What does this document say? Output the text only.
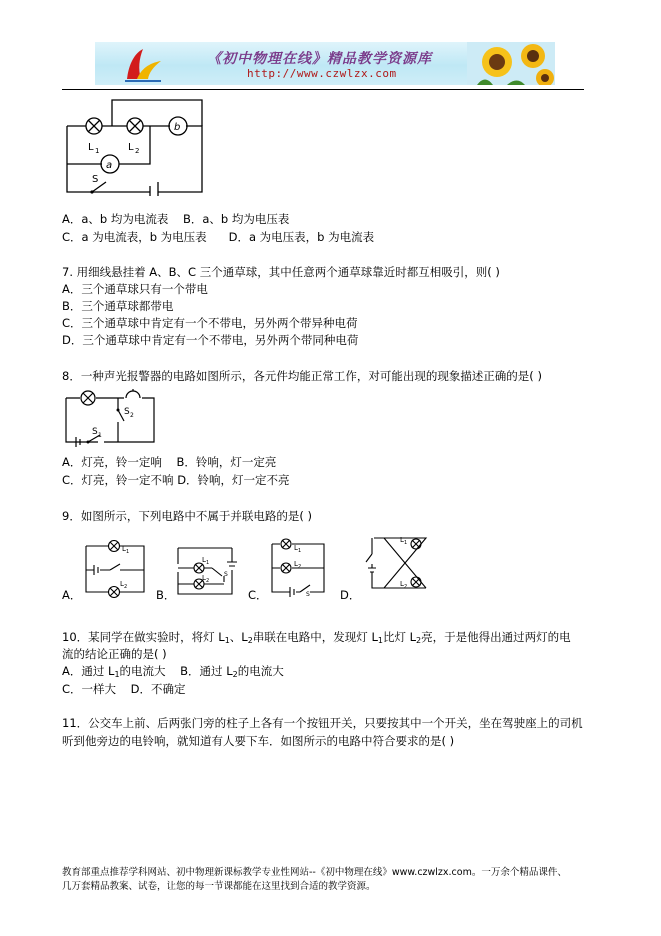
《初中物理在线》精品教学资源库
http://www.czwlzx.com
a
b
L 1	L 2
S
A．a、b 均为电流表 B．a、b 均为电压表
C．a 为电流表，b 为电压表 D．a 为电压表，b 为电流表
7. 用细线悬挂着 A、B、C 三个通草球，其中任意两个通草球靠近时都互相吸引，则( )
A．三个通草球只有一个带电
B．三个通草球都带电
C．三个通草球中肯定有一个不带电，另外两个带异种电荷
D．三个通草球中肯定有一个不带电，另外两个带同种电荷
8．一种声光报警器的电路如图所示，各元件均能正常工作，对可能出现的现象描述正确的是( )
S 2
S 1
A．灯亮，铃一定响 B．铃响，灯一定亮
C．灯亮，铃一定不响 D．铃响，灯一定不亮
9．如图所示，下列电路中不属于并联电路的是( )
A．
L 1
L 2
B．
L 1
L 2
S
C．
L 1
L 2
S	D．
L 1
L 2
10．某同学在做实验时，将灯 $L_1$、$L_2$串联在电路中，发现灯 $L_1$比灯 $L_2$亮，于是他得出通过两灯的电
流的结论正确的是( )
A．通过 $L_1$的电流大 B．通过 $L_2$的电流大
C．一样大 D．不确定
11．公交车上前、后两张门旁的柱子上各有一个按钮开关，只要按其中一个开关，坐在驾驶座上的司机
听到他旁边的电铃响，就知道有人要下车．如图所示的电路中符合要求的是( )
教育部重点推荐学科网站、初中物理新课标教学专业性网站--《初中物理在线》www.czwlzx.com。一万余个精品课件、
几万套精品教案、试卷，让您的每一节课都能在这里找到合适的教学资源。
